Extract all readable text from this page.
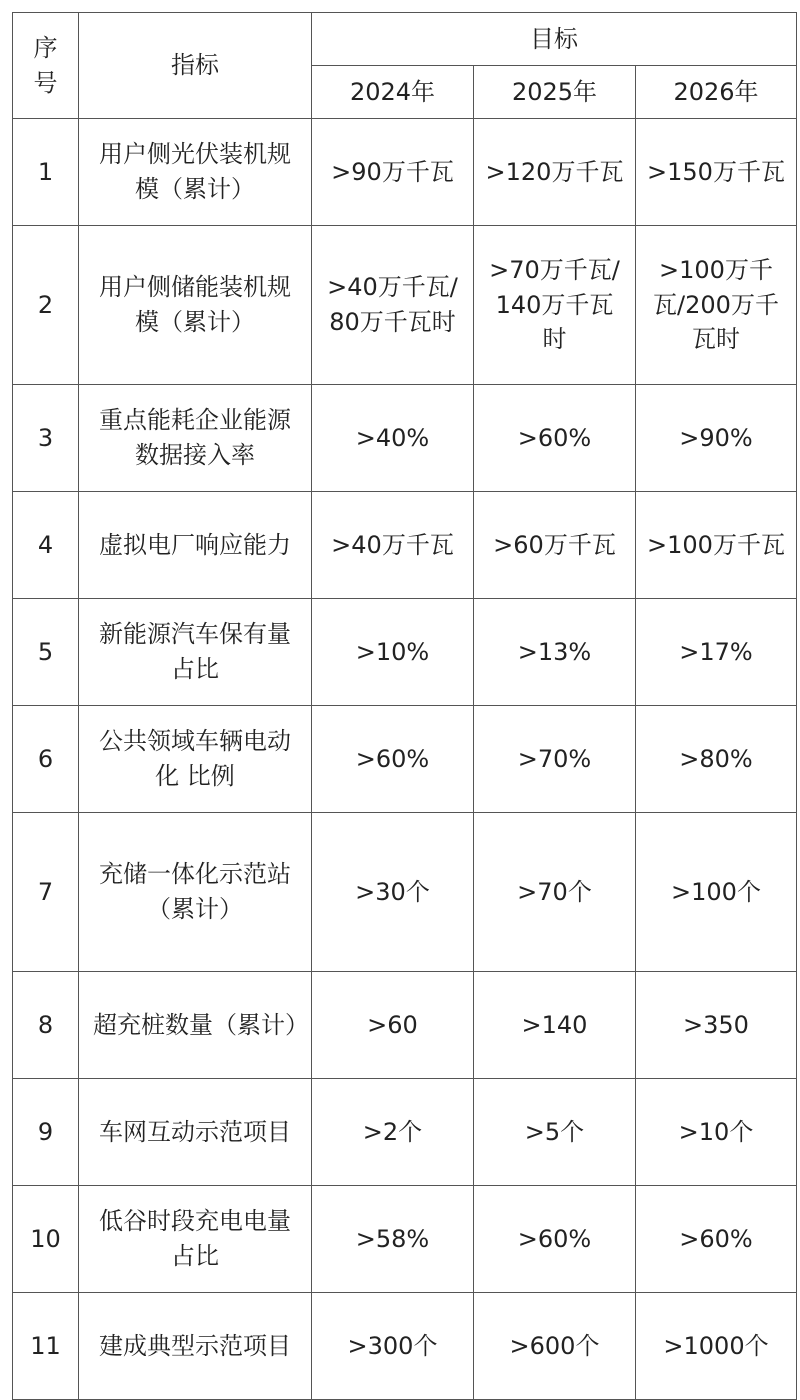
序号	指标	目标		
		2024年	2025年	2026年
1	用户侧光伏装机规模（累计）	>90万千瓦	>120万千瓦	>150万千瓦
2	用户侧储能装机规模（累计）	>40万千瓦/80万千瓦时	>70万千瓦/140万千瓦时	>100万千瓦/200万千瓦时
3	重点能耗企业能源数据接入率	>40%	>60%	>90%
4	虚拟电厂响应能力	>40万千瓦	>60万千瓦	>100万千瓦
5	新能源汽车保有量占比	>10%	>13%	>17%
6	公共领域车辆电动化 比例	>60%	>70%	>80%
7	充储一体化示范站（累计）	>30个	>70个	>100个
8	超充桩数量（累计）	>60	>140	>350
9	车网互动示范项目	>2个	>5个	>10个
10	低谷时段充电电量占比	>58%	>60%	>60%
11	建成典型示范项目	>300个	>600个	>1000个
